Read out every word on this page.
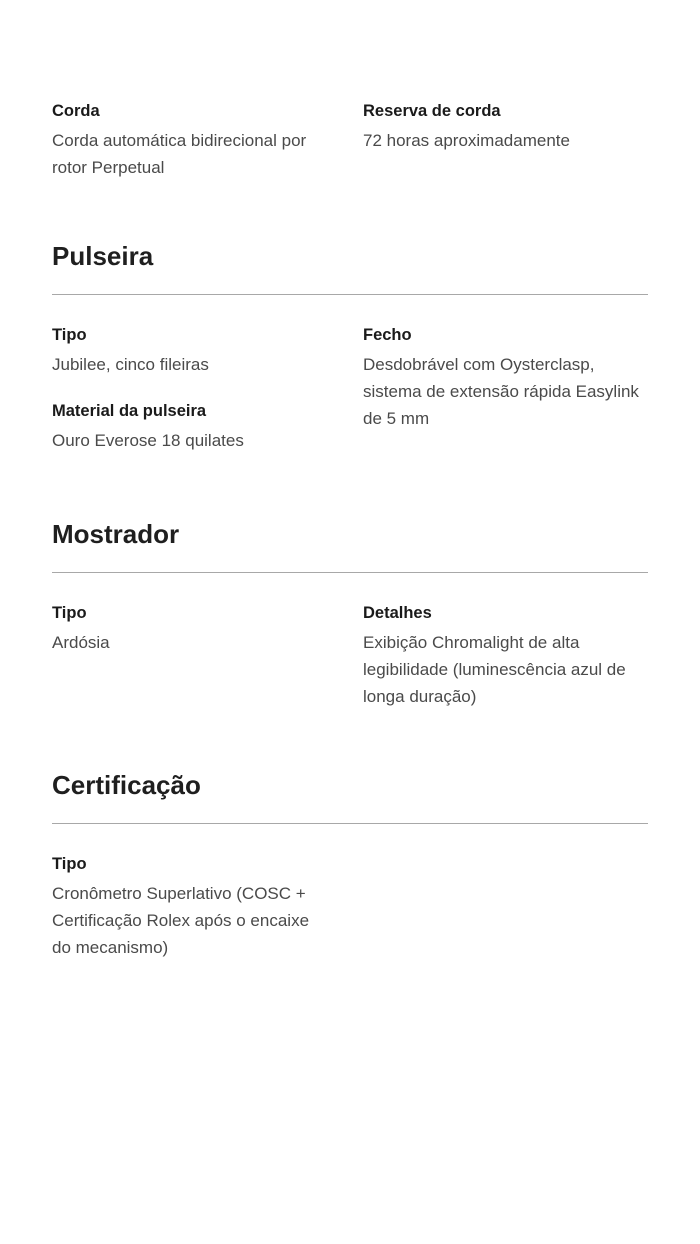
Corda

Corda automática bidirecional por rotor Perpetual

Reserva de corda

72 horas aproximadamente

Pulseira

Tipo

Jubilee, cinco fileiras

Material da pulseira

Ouro Everose 18 quilates

Fecho

Desdobrável com Oysterclasp, sistema de extensão rápida Easylink de 5 mm

Mostrador

Tipo

Ardósia

Detalhes

Exibição Chromalight de alta legibilidade (luminescência azul de longa duração)

Certificação

Tipo

Cronômetro Superlativo (COSC + Certificação Rolex após o encaixe do mecanismo)
